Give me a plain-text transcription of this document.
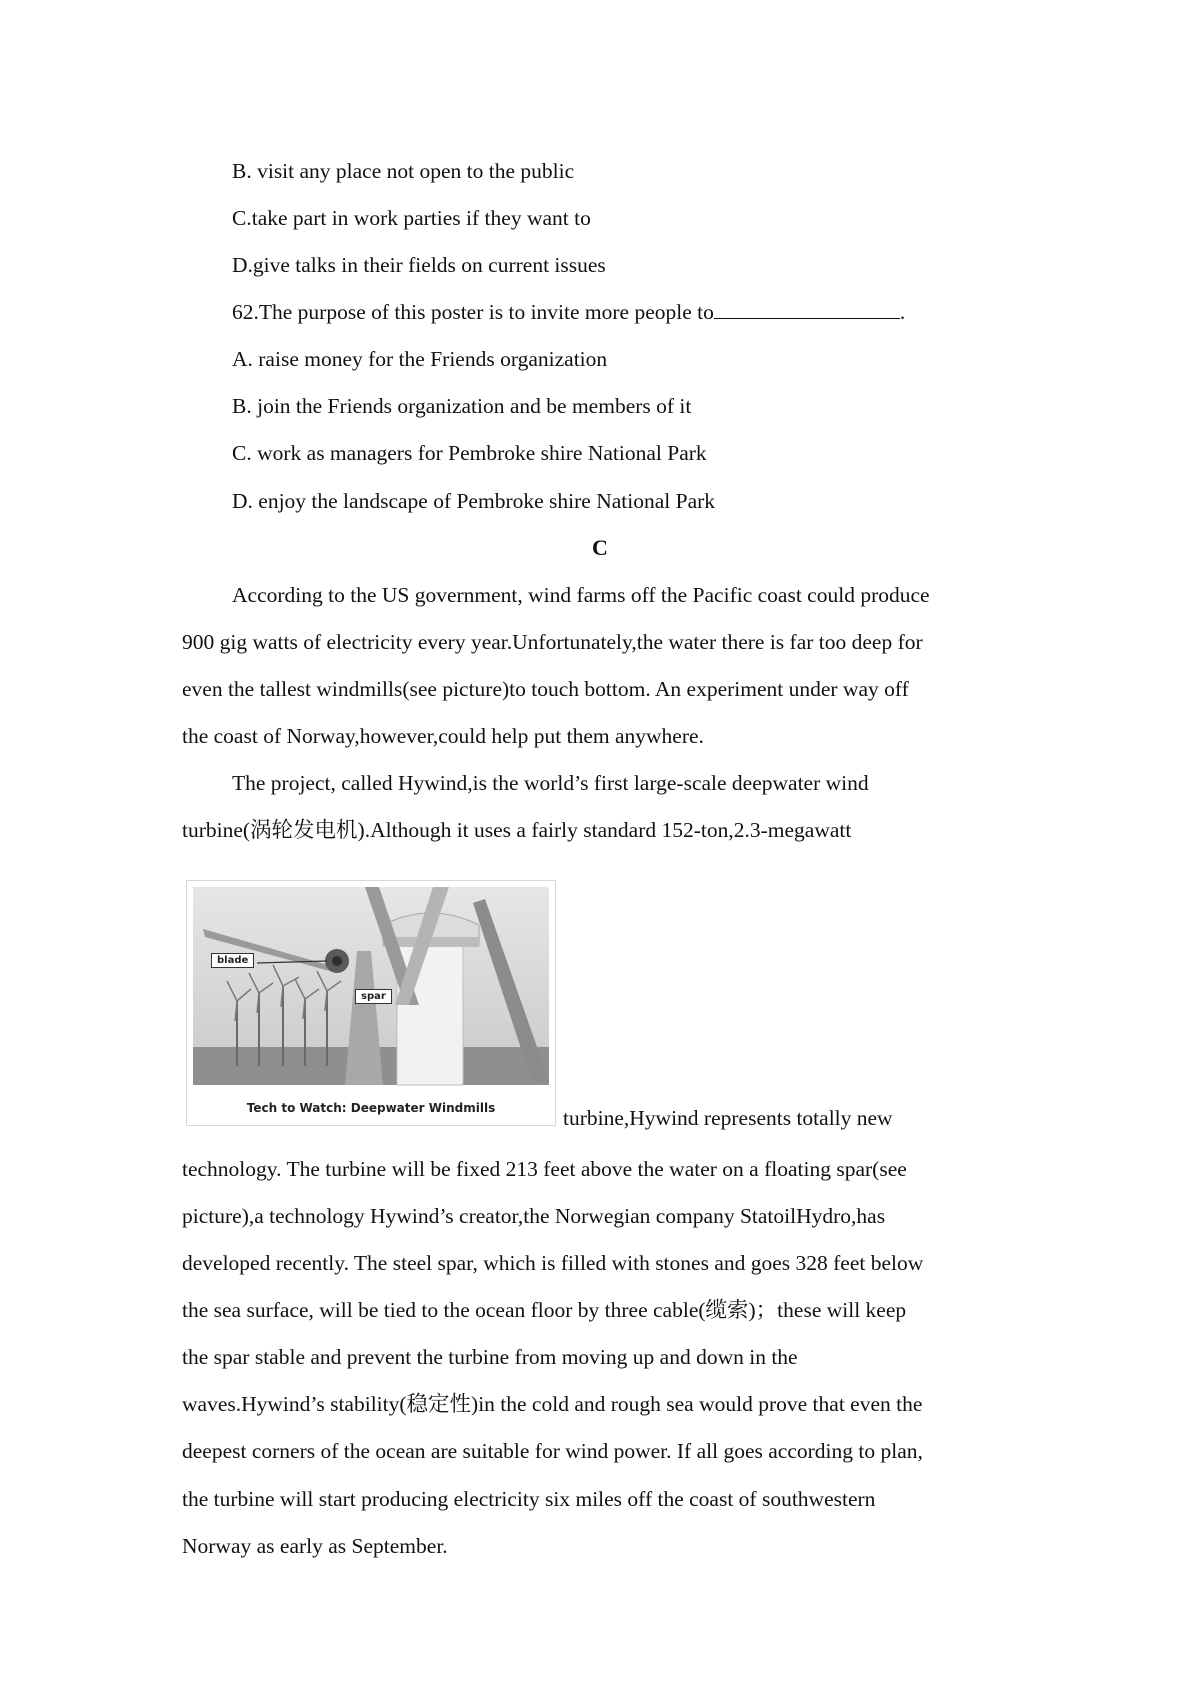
B. visit any place not open to the public
C.take part in work parties if they want to
D.give talks in their fields on current issues
62.The purpose of this poster is to invite more people to	.
A. raise money for the Friends organization
B. join the Friends organization and be members of it
C. work as managers for Pembroke shire National Park
D. enjoy the landscape of Pembroke shire National Park
C
According to the US government, wind farms off the Pacific coast could produce
900 gig watts of electricity every year.Unfortunately,the water there is far too deep for
even the tallest windmills(see picture)to touch bottom. An experiment under way off
the coast of Norway,however,could help put them anywhere.
The project, called Hywind,is the world’s first large-scale deepwater wind
turbine(涡轮发电机).Although it uses a fairly standard 152-ton,2.3-megawatt
blade
spar
Tech to Watch: Deepwater Windmills	turbine,Hywind represents totally new
technology. The turbine will be fixed 213 feet above the water on a floating spar(see
picture),a technology Hywind’s creator,the Norwegian company StatoilHydro,has
developed recently. The steel spar, which is filled with stones and goes 328 feet below
the sea surface, will be tied to the ocean floor by three cable(缆索)；these will keep
the spar stable and prevent the turbine from moving up and down in the
waves.Hywind’s stability(稳定性)in the cold and rough sea would prove that even the
deepest corners of the ocean are suitable for wind power. If all goes according to plan,
the turbine will start producing electricity six miles off the coast of southwestern
Norway as early as September.
